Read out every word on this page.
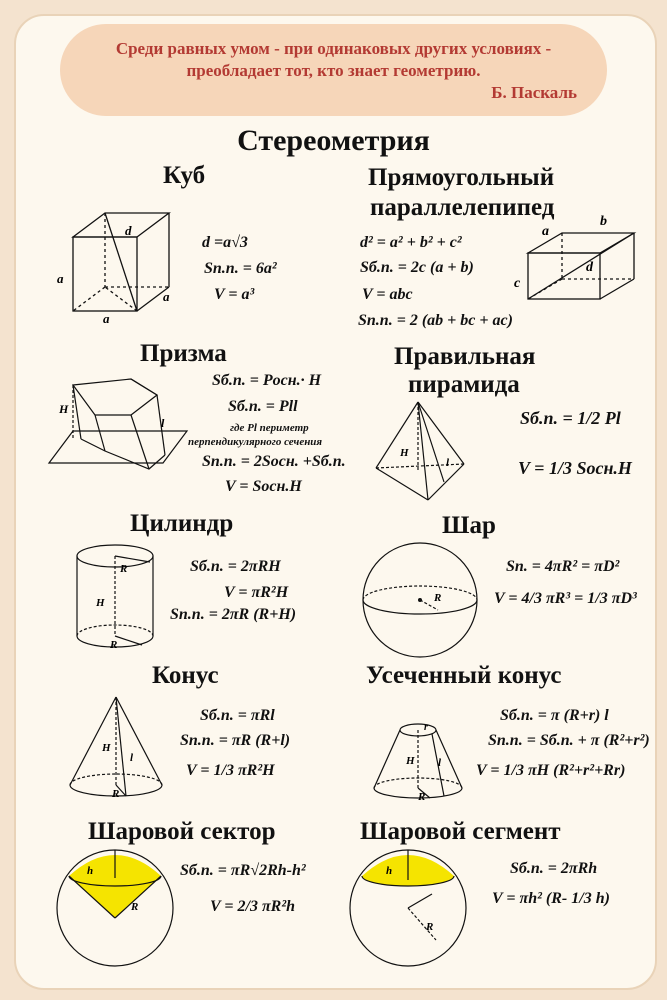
Среди равных умом - при одинаковых других условиях -
преобладает тот, кто знает геометрию.
Б. Паскаль
Стереометрия
Куб
d
a
a
a
d =a√3
Sп.п. = 6a²
V = a³
Прямоугольный
параллелепипед
d² = a² + b² + c²
Sб.п. = 2c (a + b)
V = abc
Sп.п. = 2 (ab + bc + ac)
a
b
c
d
Призма
H
l
Sб.п. = Pосн.· H
Sб.п. = Pll
где Pl периметр
перпендикулярного сечения
Sп.п. = 2Sосн. +Sб.п.
V = Sосн.H
Правильная
пирамида
H
l
Sб.п. = 1/2 Pl
V = 1/3 Sосн.H
Цилиндр
R
H
R
Sб.п. = 2πRH
V = πR²H
Sп.п. = 2πR (R+H)
Шар
R
Sп. = 4πR² = πD²
V = 4/3 πR³ = 1/3 πD³
Конус
H
l
R
Sб.п. = πRl
Sп.п. = πR (R+l)
V = 1/3 πR²H
Усеченный конус
r
H l
R
Sб.п. = π (R+r) l
Sп.п. = Sб.п. + π (R²+r²)
V = 1/3 πH (R²+r²+Rr)
Шаровой сектор
h
R
Sб.п. = πR√2Rh-h²
V = 2/3 πR²h
Шаровой сегмент
h
R
Sб.п. = 2πRh
V = πh² (R- 1/3 h)
